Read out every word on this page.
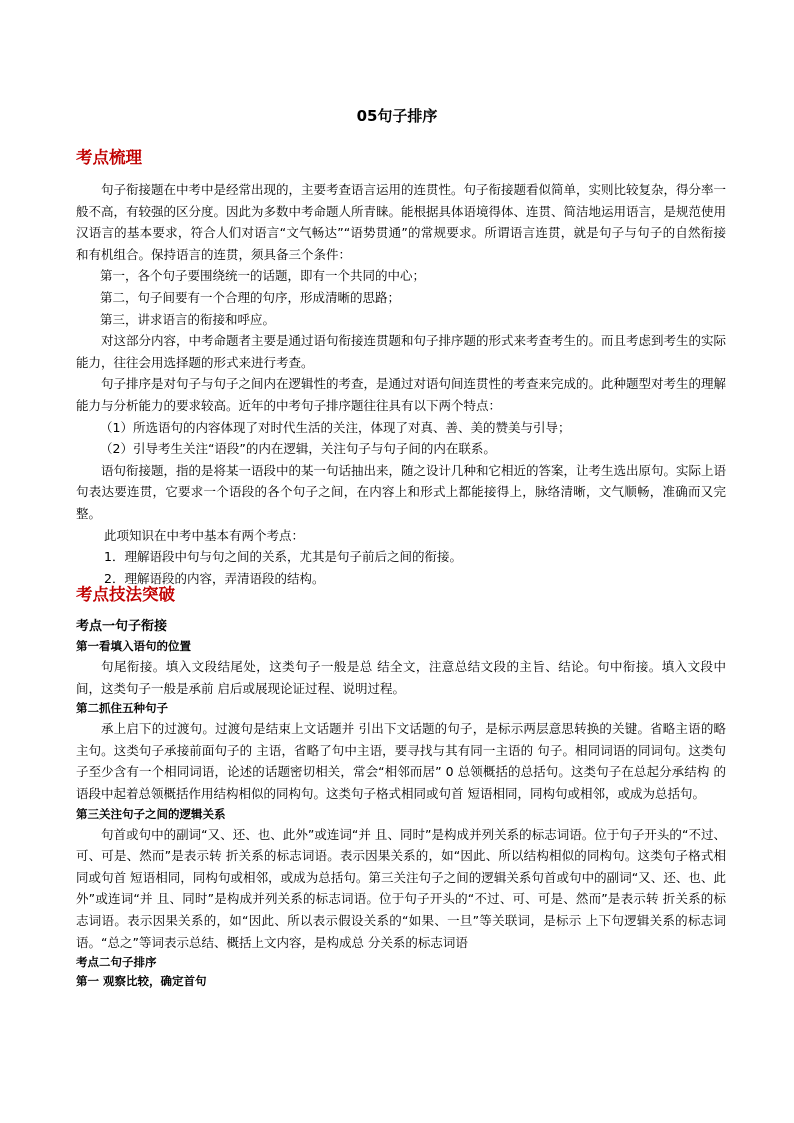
05句子排序
考点梳理

句子衔接题在中考中是经常出现的，主要考查语言运用的连贯性。句子衔接题看似简单，实则比较复杂，得分率一般不高，有较强的区分度。因此为多数中考命题人所青睐。能根据具体语境得体、连贯、简洁地运用语言，是规范使用汉语言的基本要求，符合人们对语言“文气畅达”“语势贯通”的常规要求。所谓语言连贯，就是句子与句子的自然衔接和有机组合。保持语言的连贯，须具备三个条件：

第一，各个句子要围绕统一的话题，即有一个共同的中心；

第二，句子间要有一个合理的句序，形成清晰的思路；

第三，讲求语言的衔接和呼应。

对这部分内容，中考命题者主要是通过语句衔接连贯题和句子排序题的形式来考查考生的。而且考虑到考生的实际能力，往往会用选择题的形式来进行考查。

句子排序是对句子与句子之间内在逻辑性的考查，是通过对语句间连贯性的考查来完成的。此种题型对考生的理解能力与分析能力的要求较高。近年的中考句子排序题往往具有以下两个特点：

（1）所选语句的内容体现了对时代生活的关注，体现了对真、善、美的赞美与引导；

（2）引导考生关注“语段”的内在逻辑，关注句子与句子间的内在联系。

语句衔接题，指的是将某一语段中的某一句话抽出来，随之设计几种和它相近的答案，让考生选出原句。实际上语句表达要连贯，它要求一个语段的各个句子之间，在内容上和形式上都能接得上，脉络清晰，文气顺畅，准确而又完整。

此项知识在中考中基本有两个考点：

1．理解语段中句与句之间的关系，尤其是句子前后之间的衔接。

2．理解语段的内容，弄清语段的结构。

考点技法突破
考点一句子衔接
第一看填入语句的位置

句尾衔接。填入文段结尾处，这类句子一般是总 结全文，注意总结文段的主旨、结论。句中衔接。填入文段中间，这类句子一般是承前 启后或展现论证过程、说明过程。

第二抓住五种句子

承上启下的过渡句。过渡句是结束上文话题并 引出下文话题的句子，是标示两层意思转换的关键。省略主语的略主句。这类句子承接前面句子的 主语，省略了句中主语，要寻找与其有同一主语的 句子。相同词语的同词句。这类句子至少含有一个相同词语，论述的话题密切相关，常会“相邻而居” 0 总领概括的总括句。这类句子在总起分承结构 的语段中起着总领概括作用结构相似的同构句。这类句子格式相同或句首 短语相同，同构句或相邻，或成为总括句。

第三关注句子之间的逻辑关系

句首或句中的副词“又、还、也、此外”或连词“并 且、同时”是构成并列关系的标志词语。位于句子开头的“不过、可、可是、然而”是表示转 折关系的标志词语。表示因果关系的，如“因此、所以结构相似的同构句。这类句子格式相同或句首 短语相同，同构句或相邻，或成为总括句。第三关注句子之间的逻辑关系句首或句中的副词“又、还、也、此外”或连词“并 且、同时”是构成并列关系的标志词语。位于句子开头的“不过、可、可是、然而”是表示转 折关系的标志词语。表示因果关系的，如“因此、所以表示假设关系的“如果、一旦”等关联词，是标示 上下句逻辑关系的标志词语。“总之”等词表示总结、概括上文内容，是构成总 分关系的标志词语

考点二句子排序
第一 观察比较，确定首句
